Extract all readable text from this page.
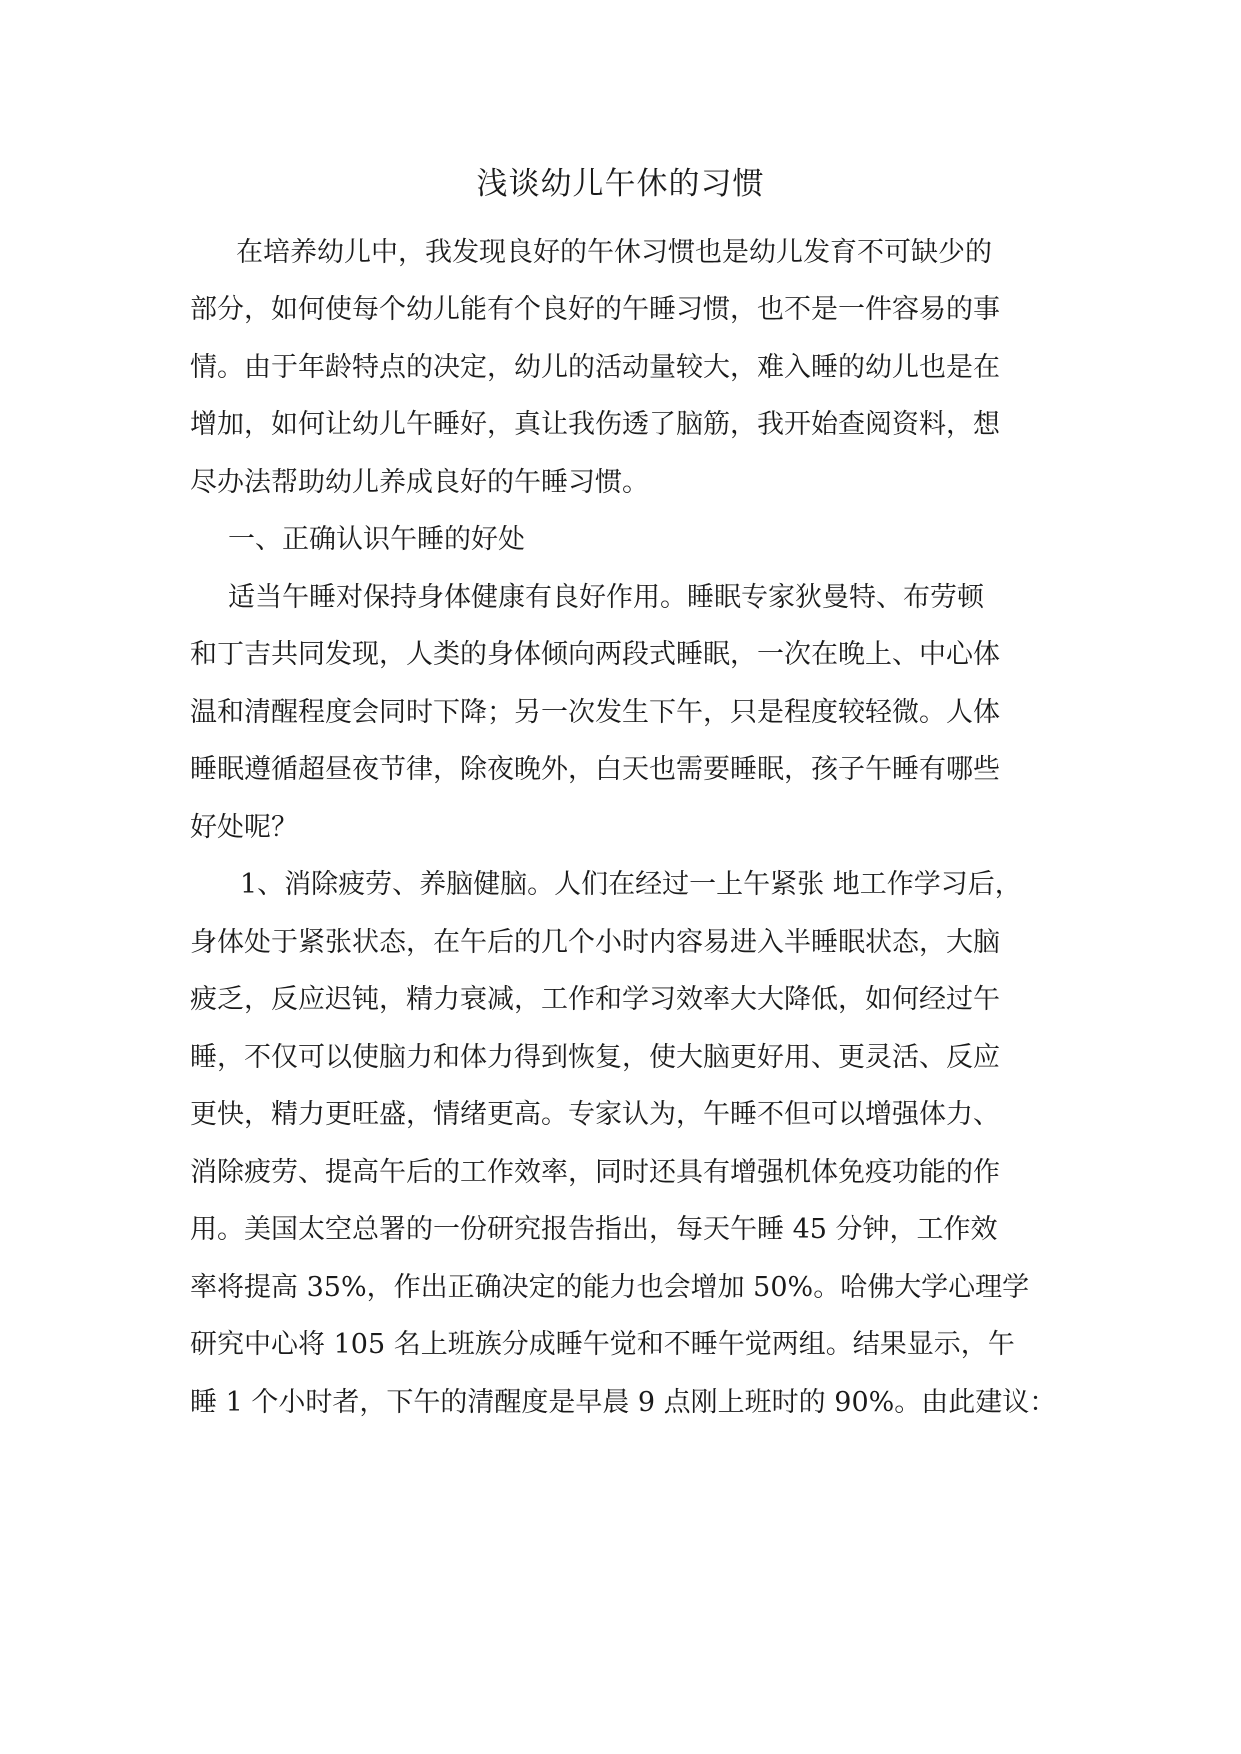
浅谈幼儿午休的习惯

在培养幼儿中，我发现良好的午休习惯也是幼儿发育不可缺少的

部分，如何使每个幼儿能有个良好的午睡习惯，也不是一件容易的事

情。由于年龄特点的决定，幼儿的活动量较大，难入睡的幼儿也是在

增加，如何让幼儿午睡好，真让我伤透了脑筋，我开始查阅资料，想

尽办法帮助幼儿养成良好的午睡习惯。

一、正确认识午睡的好处

适当午睡对保持身体健康有良好作用。睡眠专家狄曼特、布劳顿

和丁吉共同发现，人类的身体倾向两段式睡眠，一次在晚上、中心体

温和清醒程度会同时下降；另一次发生下午，只是程度较轻微。人体

睡眠遵循超昼夜节律，除夜晚外，白天也需要睡眠，孩子午睡有哪些

好处呢？

1、消除疲劳、养脑健脑。人们在经过一上午紧张 地工作学习后，

身体处于紧张状态，在午后的几个小时内容易进入半睡眠状态，大脑

疲乏，反应迟钝，精力衰减，工作和学习效率大大降低，如何经过午

睡，不仅可以使脑力和体力得到恢复，使大脑更好用、更灵活、反应

更快，精力更旺盛，情绪更高。专家认为，午睡不但可以增强体力、

消除疲劳、提高午后的工作效率，同时还具有增强机体免疫功能的作

用。美国太空总署的一份研究报告指出，每天午睡 45 分钟，工作效

率将提高 35%，作出正确决定的能力也会增加 50%。哈佛大学心理学

研究中心将 105 名上班族分成睡午觉和不睡午觉两组。结果显示，午

睡 1 个小时者，下午的清醒度是早晨 9 点刚上班时的 90%。由此建议：
